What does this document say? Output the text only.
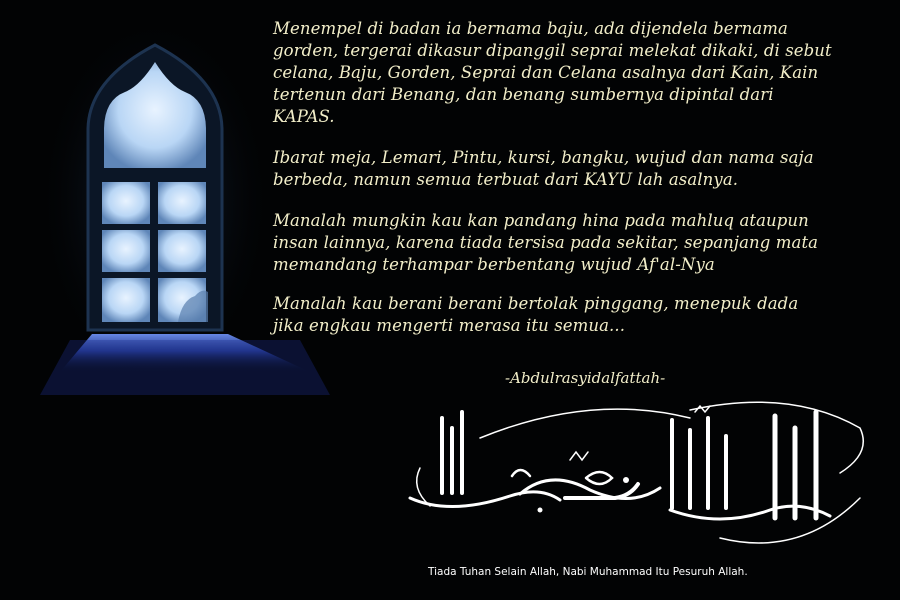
Menempel di badan ia bernama baju, ada dijendela bernama
gorden, tergerai dikasur dipanggil seprai melekat dikaki, di sebut
celana, Baju, Gorden, Seprai dan Celana asalnya dari Kain, Kain
tertenun dari Benang, dan benang sumbernya dipintal dari
KAPAS.

Ibarat meja, Lemari, Pintu, kursi, bangku, wujud dan nama saja
berbeda, namun semua terbuat dari KAYU lah asalnya.

Manalah mungkin kau kan pandang hina pada mahluq ataupun
insan lainnya, karena tiada tersisa pada sekitar, sepanjang mata
memandang terhampar berbentang wujud Af'al-Nya

Manalah kau berani berani bertolak pinggang, menepuk dada
jika engkau mengerti merasa itu semua...

-Abdulrasyidalfattah-
Tiada Tuhan Selain Allah, Nabi Muhammad Itu Pesuruh Allah.
